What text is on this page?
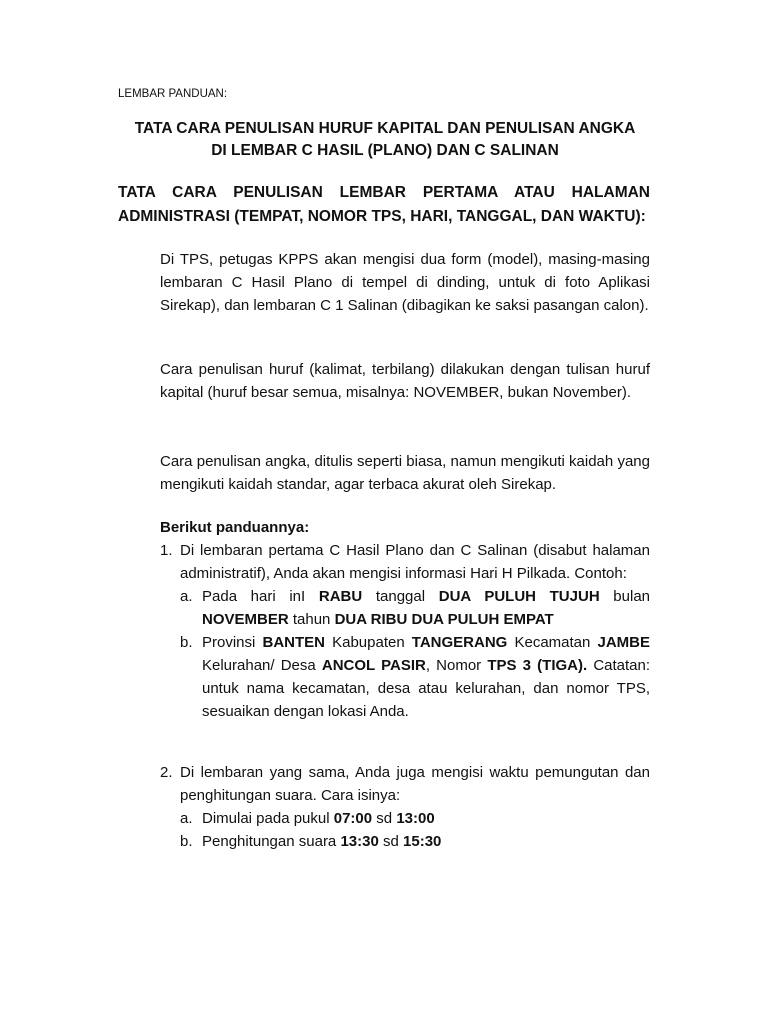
LEMBAR PANDUAN:

TATA CARA PENULISAN HURUF KAPITAL DAN PENULISAN ANGKA
DI LEMBAR C HASIL (PLANO) DAN C SALINAN

TATA CARA PENULISAN LEMBAR PERTAMA ATAU HALAMAN ADMINISTRASI (TEMPAT, NOMOR TPS, HARI, TANGGAL, DAN WAKTU):

Di TPS, petugas KPPS akan mengisi dua form (model), masing-masing lembaran C Hasil Plano di tempel di dinding, untuk di foto Aplikasi Sirekap), dan lembaran C 1 Salinan (dibagikan ke saksi pasangan calon).

Cara penulisan huruf (kalimat, terbilang) dilakukan dengan tulisan huruf kapital (huruf besar semua, misalnya: NOVEMBER, bukan November).

Cara penulisan angka, ditulis seperti biasa, namun mengikuti kaidah yang mengikuti kaidah standar, agar terbaca akurat oleh Sirekap.

Berikut panduannya:

1. Di lembaran pertama C Hasil Plano dan C Salinan (disabut halaman administratif), Anda akan mengisi informasi Hari H Pilkada. Contoh:
a. Pada hari inI RABU tanggal DUA PULUH TUJUH bulan NOVEMBER tahun DUA RIBU DUA PULUH EMPAT
b. Provinsi BANTEN Kabupaten TANGERANG Kecamatan JAMBE Kelurahan/ Desa ANCOL PASIR, Nomor TPS 3 (TIGA). Catatan: untuk nama kecamatan, desa atau kelurahan, dan nomor TPS, sesuaikan dengan lokasi Anda.
2. Di lembaran yang sama, Anda juga mengisi waktu pemungutan dan penghitungan suara. Cara isinya:
a. Dimulai pada pukul 07:00 sd 13:00
b. Penghitungan suara 13:30 sd 15:30
